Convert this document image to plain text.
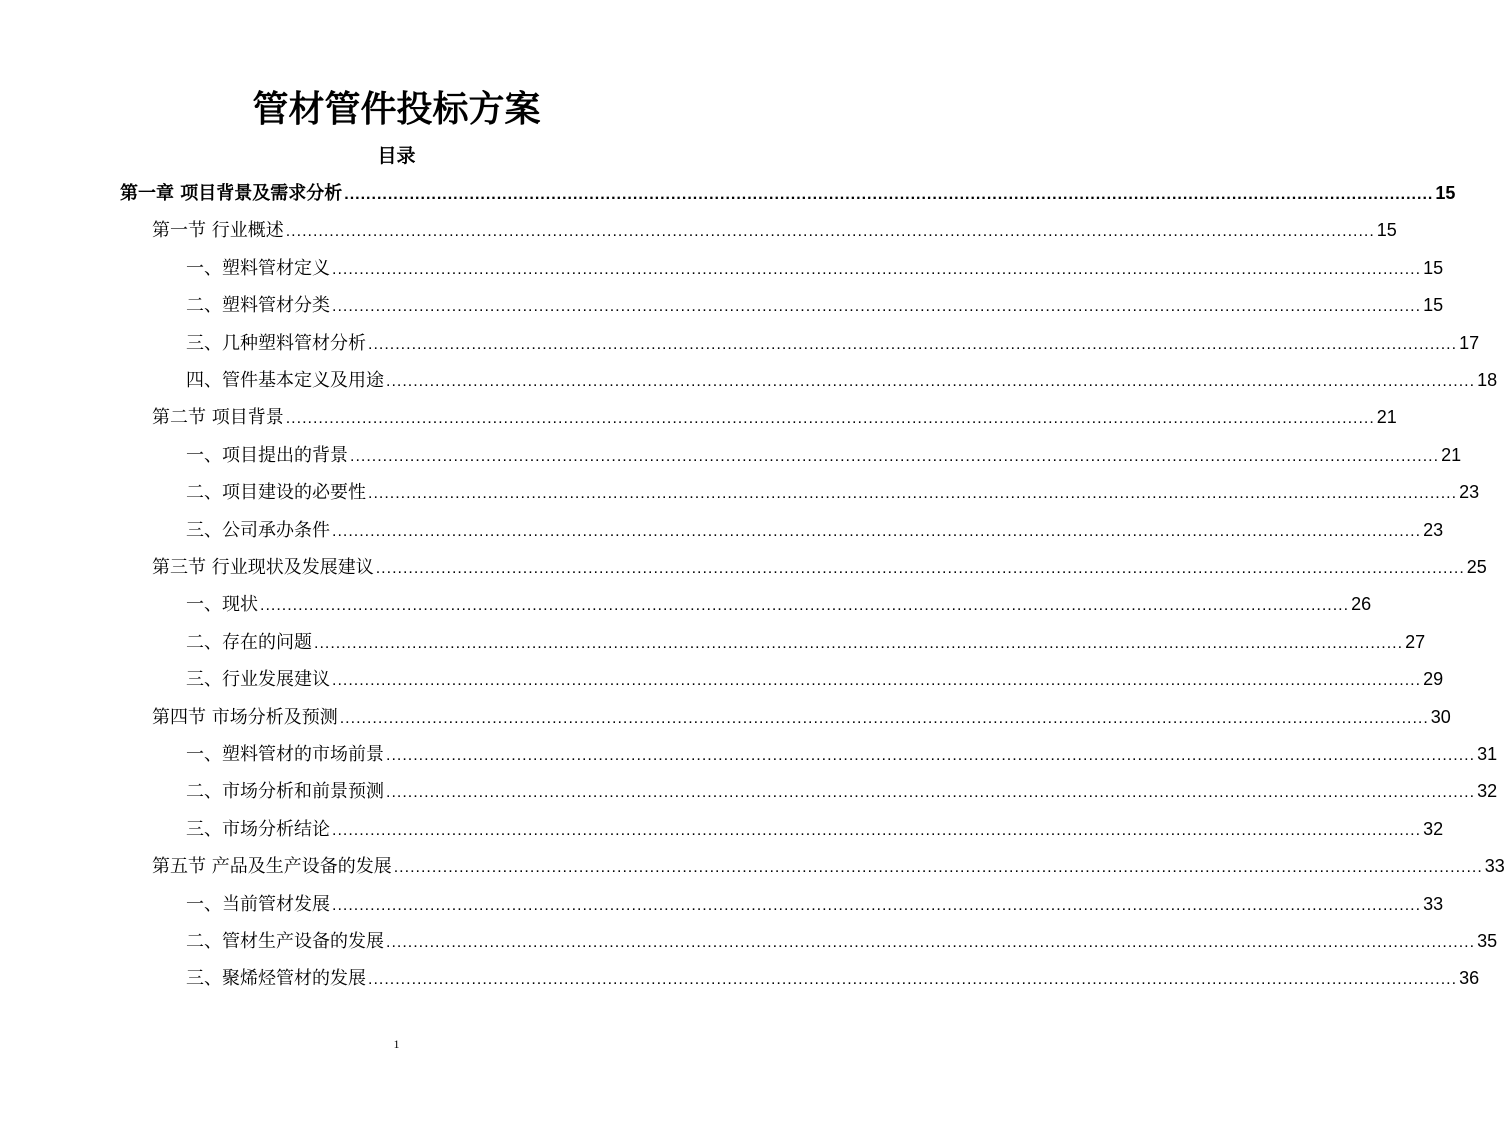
管材管件投标方案
目录
第一章 项目背景及需求分析 ........................................................................................................................................................................................................ 15
第一节 行业概述 ........................................................................................................................................................................................................ 15
一、塑料管材定义 ........................................................................................................................................................................................................ 15
二、塑料管材分类 ........................................................................................................................................................................................................ 15
三、几种塑料管材分析 ........................................................................................................................................................................................................ 17
四、管件基本定义及用途 ........................................................................................................................................................................................................ 18
第二节 项目背景 ........................................................................................................................................................................................................ 21
一、项目提出的背景 ........................................................................................................................................................................................................ 21
二、项目建设的必要性 ........................................................................................................................................................................................................ 23
三、公司承办条件 ........................................................................................................................................................................................................ 23
第三节 行业现状及发展建议 ........................................................................................................................................................................................................ 25
一、现状 ........................................................................................................................................................................................................ 26
二、存在的问题 ........................................................................................................................................................................................................ 27
三、行业发展建议 ........................................................................................................................................................................................................ 29
第四节 市场分析及预测 ........................................................................................................................................................................................................ 30
一、塑料管材的市场前景 ........................................................................................................................................................................................................ 31
二、市场分析和前景预测 ........................................................................................................................................................................................................ 32
三、市场分析结论 ........................................................................................................................................................................................................ 32
第五节 产品及生产设备的发展 ........................................................................................................................................................................................................ 33
一、当前管材发展 ........................................................................................................................................................................................................ 33
二、管材生产设备的发展 ........................................................................................................................................................................................................ 35
三、聚烯烃管材的发展 ........................................................................................................................................................................................................ 36
1
